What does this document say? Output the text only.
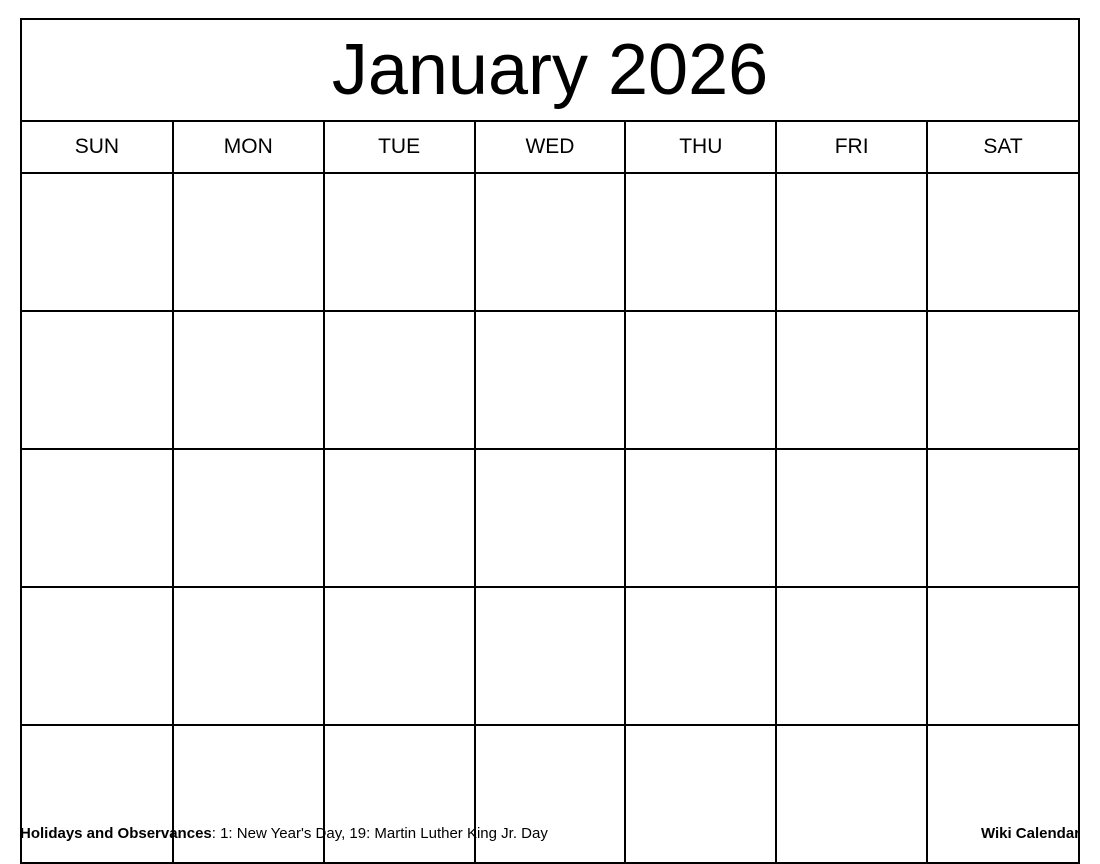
January 2026
SUN	MON	TUE	WED	THU	FRI	SAT

Holidays and Observances: 1: New Year's Day, 19: Martin Luther King Jr. Day	Wiki Calendar
